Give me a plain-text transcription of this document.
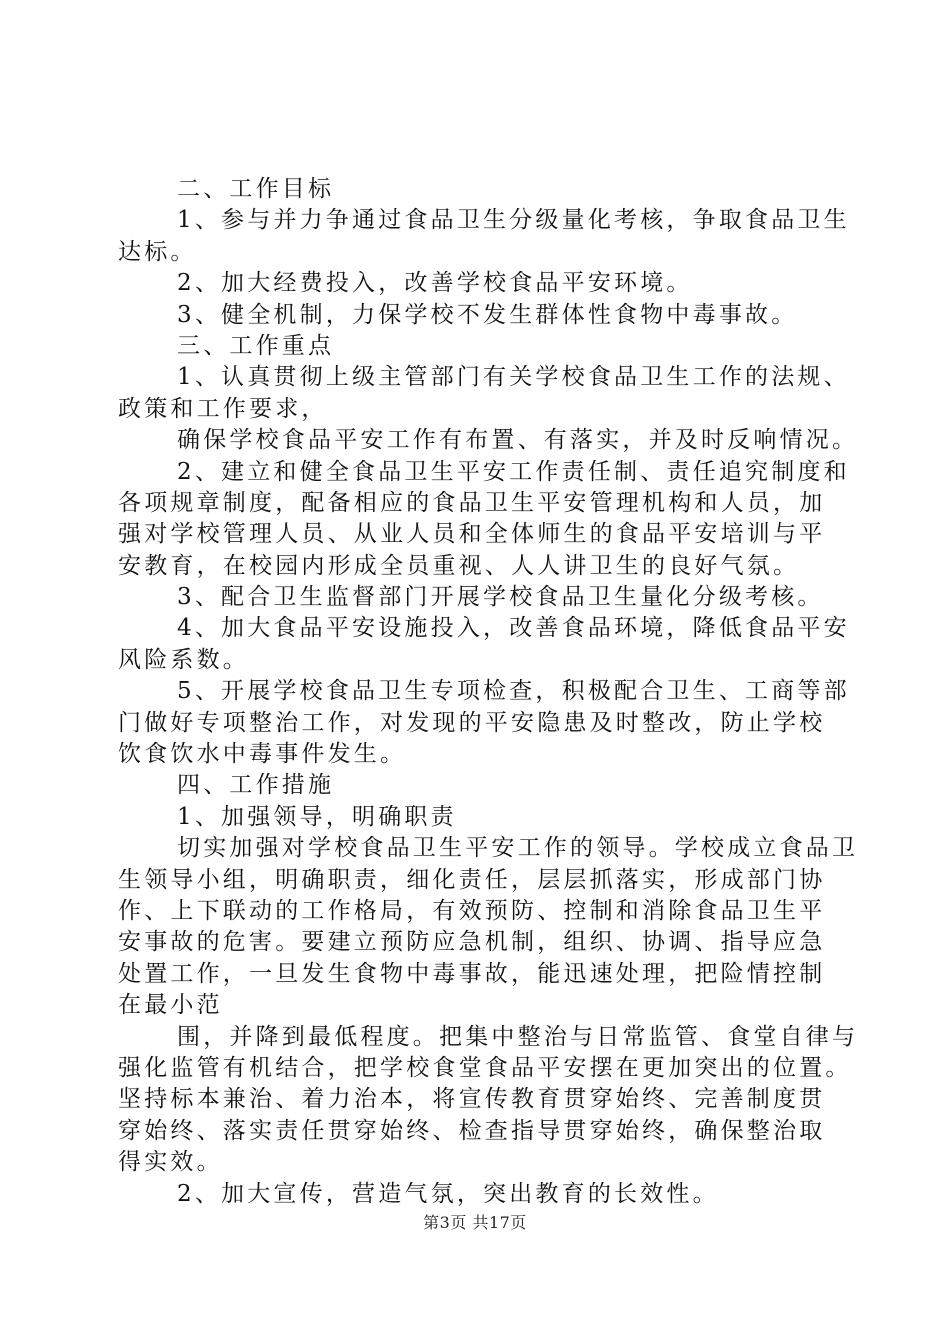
二、工作目标
1、参与并力争通过食品卫生分级量化考核，争取食品卫生
达标。
2、加大经费投入，改善学校食品平安环境。
3、健全机制，力保学校不发生群体性食物中毒事故。
三、工作重点
1、认真贯彻上级主管部门有关学校食品卫生工作的法规、
政策和工作要求，
确保学校食品平安工作有布置、有落实，并及时反响情况。
2、建立和健全食品卫生平安工作责任制、责任追究制度和
各项规章制度，配备相应的食品卫生平安管理机构和人员，加
强对学校管理人员、从业人员和全体师生的食品平安培训与平
安教育，在校园内形成全员重视、人人讲卫生的良好气氛。
3、配合卫生监督部门开展学校食品卫生量化分级考核。
4、加大食品平安设施投入，改善食品环境，降低食品平安
风险系数。
5、开展学校食品卫生专项检查，积极配合卫生、工商等部
门做好专项整治工作，对发现的平安隐患及时整改，防止学校
饮食饮水中毒事件发生。
四、工作措施
1、加强领导，明确职责
切实加强对学校食品卫生平安工作的领导。学校成立食品卫
生领导小组，明确职责，细化责任，层层抓落实，形成部门协
作、上下联动的工作格局，有效预防、控制和消除食品卫生平
安事故的危害。要建立预防应急机制，组织、协调、指导应急
处置工作，一旦发生食物中毒事故，能迅速处理，把险情控制
在最小范
围，并降到最低程度。把集中整治与日常监管、食堂自律与
强化监管有机结合，把学校食堂食品平安摆在更加突出的位置。
坚持标本兼治、着力治本，将宣传教育贯穿始终、完善制度贯
穿始终、落实责任贯穿始终、检查指导贯穿始终，确保整治取
得实效。
2、加大宣传，营造气氛，突出教育的长效性。
第3页 共17页
